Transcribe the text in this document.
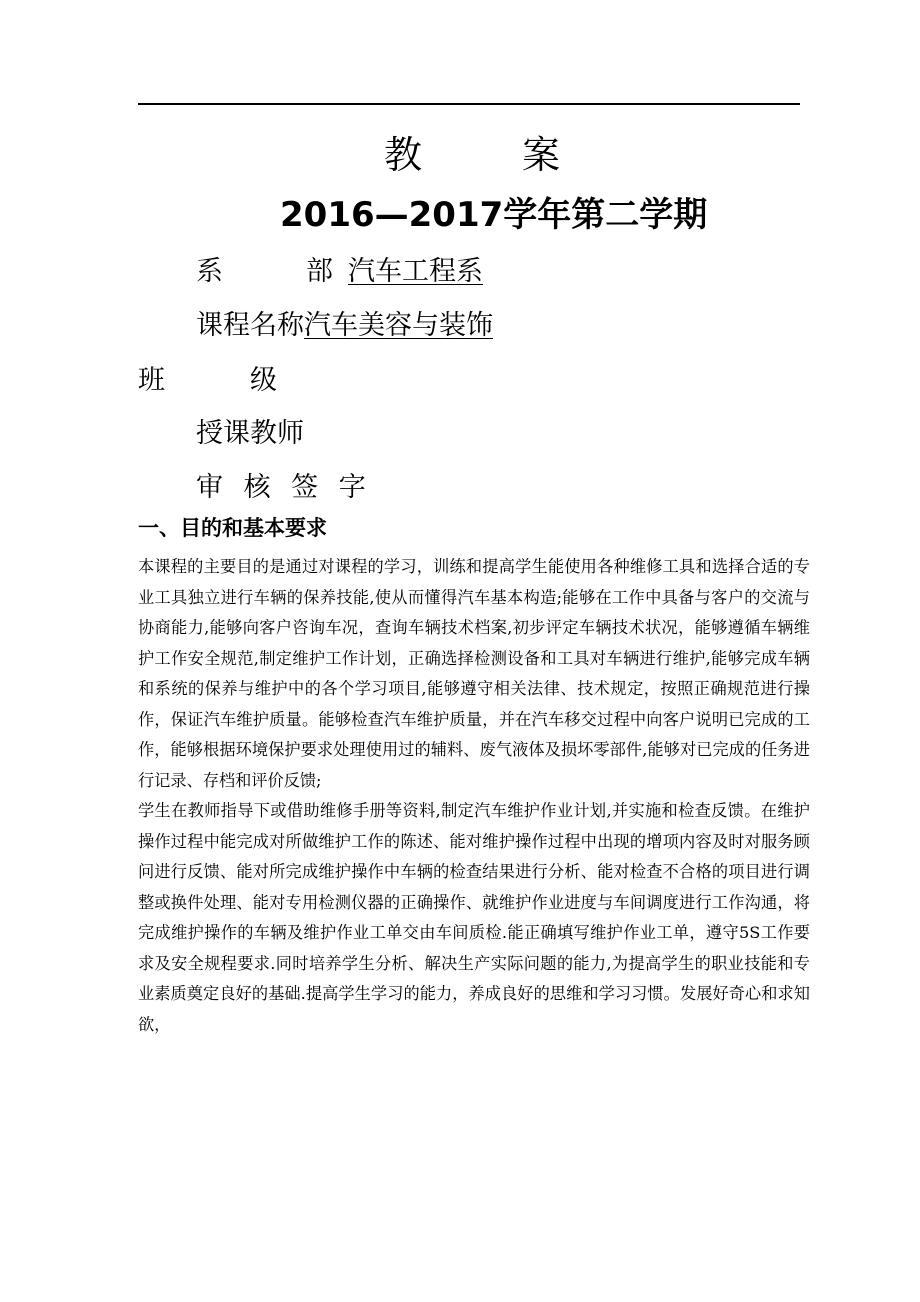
教	案
2016—2017学年第二学期
系	部 汽车工程系
课程名称 汽车美容与装饰
班	级
授课教师
审 核 签 字
一、目的和基本要求

本课程的主要目的是通过对课程的学习，训练和提高学生能使用各种维修工具和选择合适的专业工具独立进行车辆的保养技能,使从而懂得汽车基本构造;能够在工作中具备与客户的交流与协商能力,能够向客户咨询车况，查询车辆技术档案,初步评定车辆技术状况，能够遵循车辆维护工作安全规范,制定维护工作计划，正确选择检测设备和工具对车辆进行维护,能够完成车辆和系统的保养与维护中的各个学习项目,能够遵守相关法律、技术规定，按照正确规范进行操作，保证汽车维护质量。能够检查汽车维护质量，并在汽车移交过程中向客户说明已完成的工作，能够根据环境保护要求处理使用过的辅料、废气液体及损坏零部件,能够对已完成的任务进行记录、存档和评价反馈;

学生在教师指导下或借助维修手册等资料,制定汽车维护作业计划,并实施和检查反馈。在维护操作过程中能完成对所做维护工作的陈述、能对维护操作过程中出现的增项内容及时对服务顾问进行反馈、能对所完成维护操作中车辆的检查结果进行分析、能对检查不合格的项目进行调整或换件处理、能对专用检测仪器的正确操作、就维护作业进度与车间调度进行工作沟通，将完成维护操作的车辆及维护作业工单交由车间质检.能正确填写维护作业工单，遵守5S工作要求及安全规程要求.同时培养学生分析、解决生产实际问题的能力,为提高学生的职业技能和专业素质奠定良好的基础.提高学生学习的能力，养成良好的思维和学习习惯。发展好奇心和求知欲，
